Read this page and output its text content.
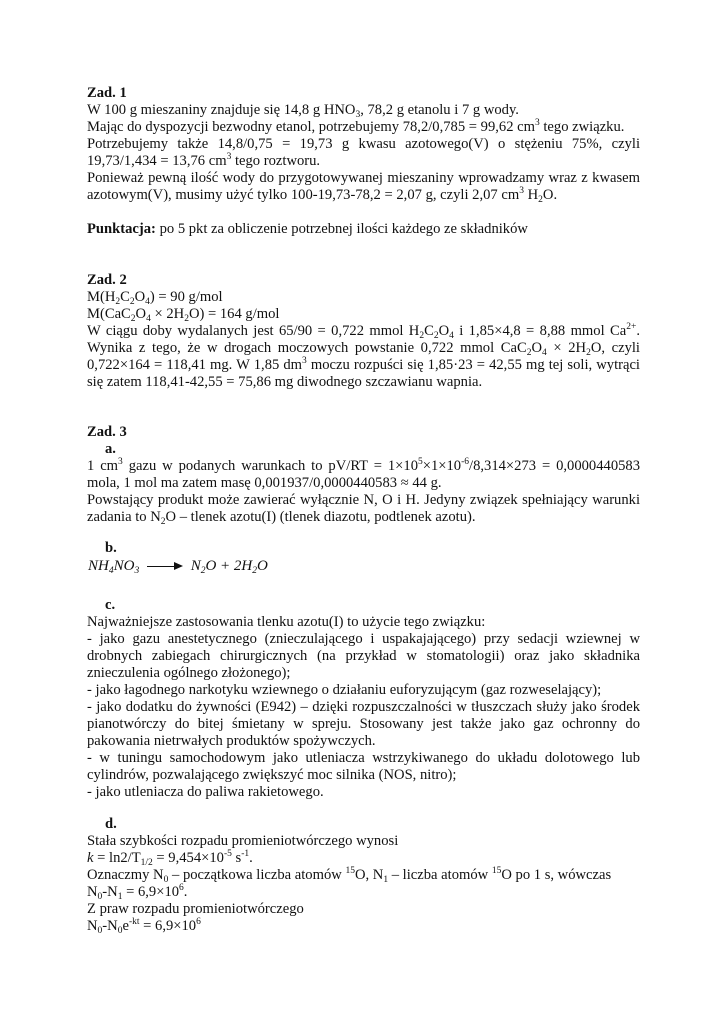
Zad. 1

W 100 g mieszaniny znajduje się 14,8 g $HNO_3$, 78,2 g etanolu i 7 g wody.

Mając do dyspozycji bezwodny etanol, potrzebujemy 78,2/0,785 = 99,62 $cm^3$ tego związku.

Potrzebujemy także 14,8/0,75 = 19,73 g kwasu azotowego(V) o stężeniu 75%, czyli

19,73/1,434 = 13,76 $cm^3$ tego roztworu.

Ponieważ pewną ilość wody do przygotowywanej mieszaniny wprowadzamy wraz z kwasem

azotowym(V), musimy użyć tylko 100-19,73-78,2 = 2,07 g, czyli 2,07 $cm^3$ $H_2O$.

Punktacja: po 5 pkt za obliczenie potrzebnej ilości każdego ze składników

Zad. 2

$M(H_2C_2O_4) = 90$ g/mol

$M(CaC_2O_4 \times 2H_2O) = 164$ g/mol

W ciągu doby wydalanych jest 65/90 = 0,722 mmol $H_2C_2O_4$ i 1,85×4,8 = 8,88 mmol $Ca^{2+}$.

Wynika z tego, że w drogach moczowych powstanie 0,722 mmol $CaC_2O_4 \times 2H_2O$, czyli

0,722×164 = 118,41 mg. W 1,85 $dm^3$ moczu rozpuści się 1,85·23 = 42,55 mg tej soli, wytrąci

się zatem 118,41-42,55 = 75,86 mg diwodnego szczawianu wapnia.

Zad. 3

a.

1 $cm^3$ gazu w podanych warunkach to $pV/RT = 1\times 10^5\times 1\times 10^{-6}/8,314\times 273 = 0,0000440583$

mola, 1 mol ma zatem masę 0,001937/0,0000440583 ≈ 44 g.

Powstający produkt może zawierać wyłącznie N, O i H. Jedyny związek spełniający warunki

zadania to $N_2O$ – tlenek azotu(I) (tlenek diazotu, podtlenek azotu).

b.

$NH_4NO_3$	$N_2O + 2H_2O$

c.

Najważniejsze zastosowania tlenku azotu(I) to użycie tego związku:

- jako gazu anestetycznego (znieczulającego i uspakajającego) przy sedacji wziewnej w

drobnych zabiegach chirurgicznych (na przykład w stomatologii) oraz jako składnika

znieczulenia ogólnego złożonego);

- jako łagodnego narkotyku wziewnego o działaniu euforyzującym (gaz rozweselający);

- jako dodatku do żywności (E942) – dzięki rozpuszczalności w tłuszczach służy jako środek

pianotwórczy do bitej śmietany w spreju. Stosowany jest także jako gaz ochronny do

pakowania nietrwałych produktów spożywczych.

- w tuningu samochodowym jako utleniacza wstrzykiwanego do układu dolotowego lub

cylindrów, pozwalającego zwiększyć moc silnika (NOS, nitro);

- jako utleniacza do paliwa rakietowego.

d.

Stała szybkości rozpadu promieniotwórczego wynosi

$k = \ln 2/T_{1/2} = 9,454\times 10^{-5}$ $s^{-1}$.

Oznaczmy $N_0$ – początkowa liczba atomów $^{15}$O, $N_1$ – liczba atomów $^{15}$O po 1 s, wówczas

$N_0-N_1 = 6,9\times 10^6$.

Z praw rozpadu promieniotwórczego

$N_0-N_0e^{-kt} = 6,9\times 10^6$
